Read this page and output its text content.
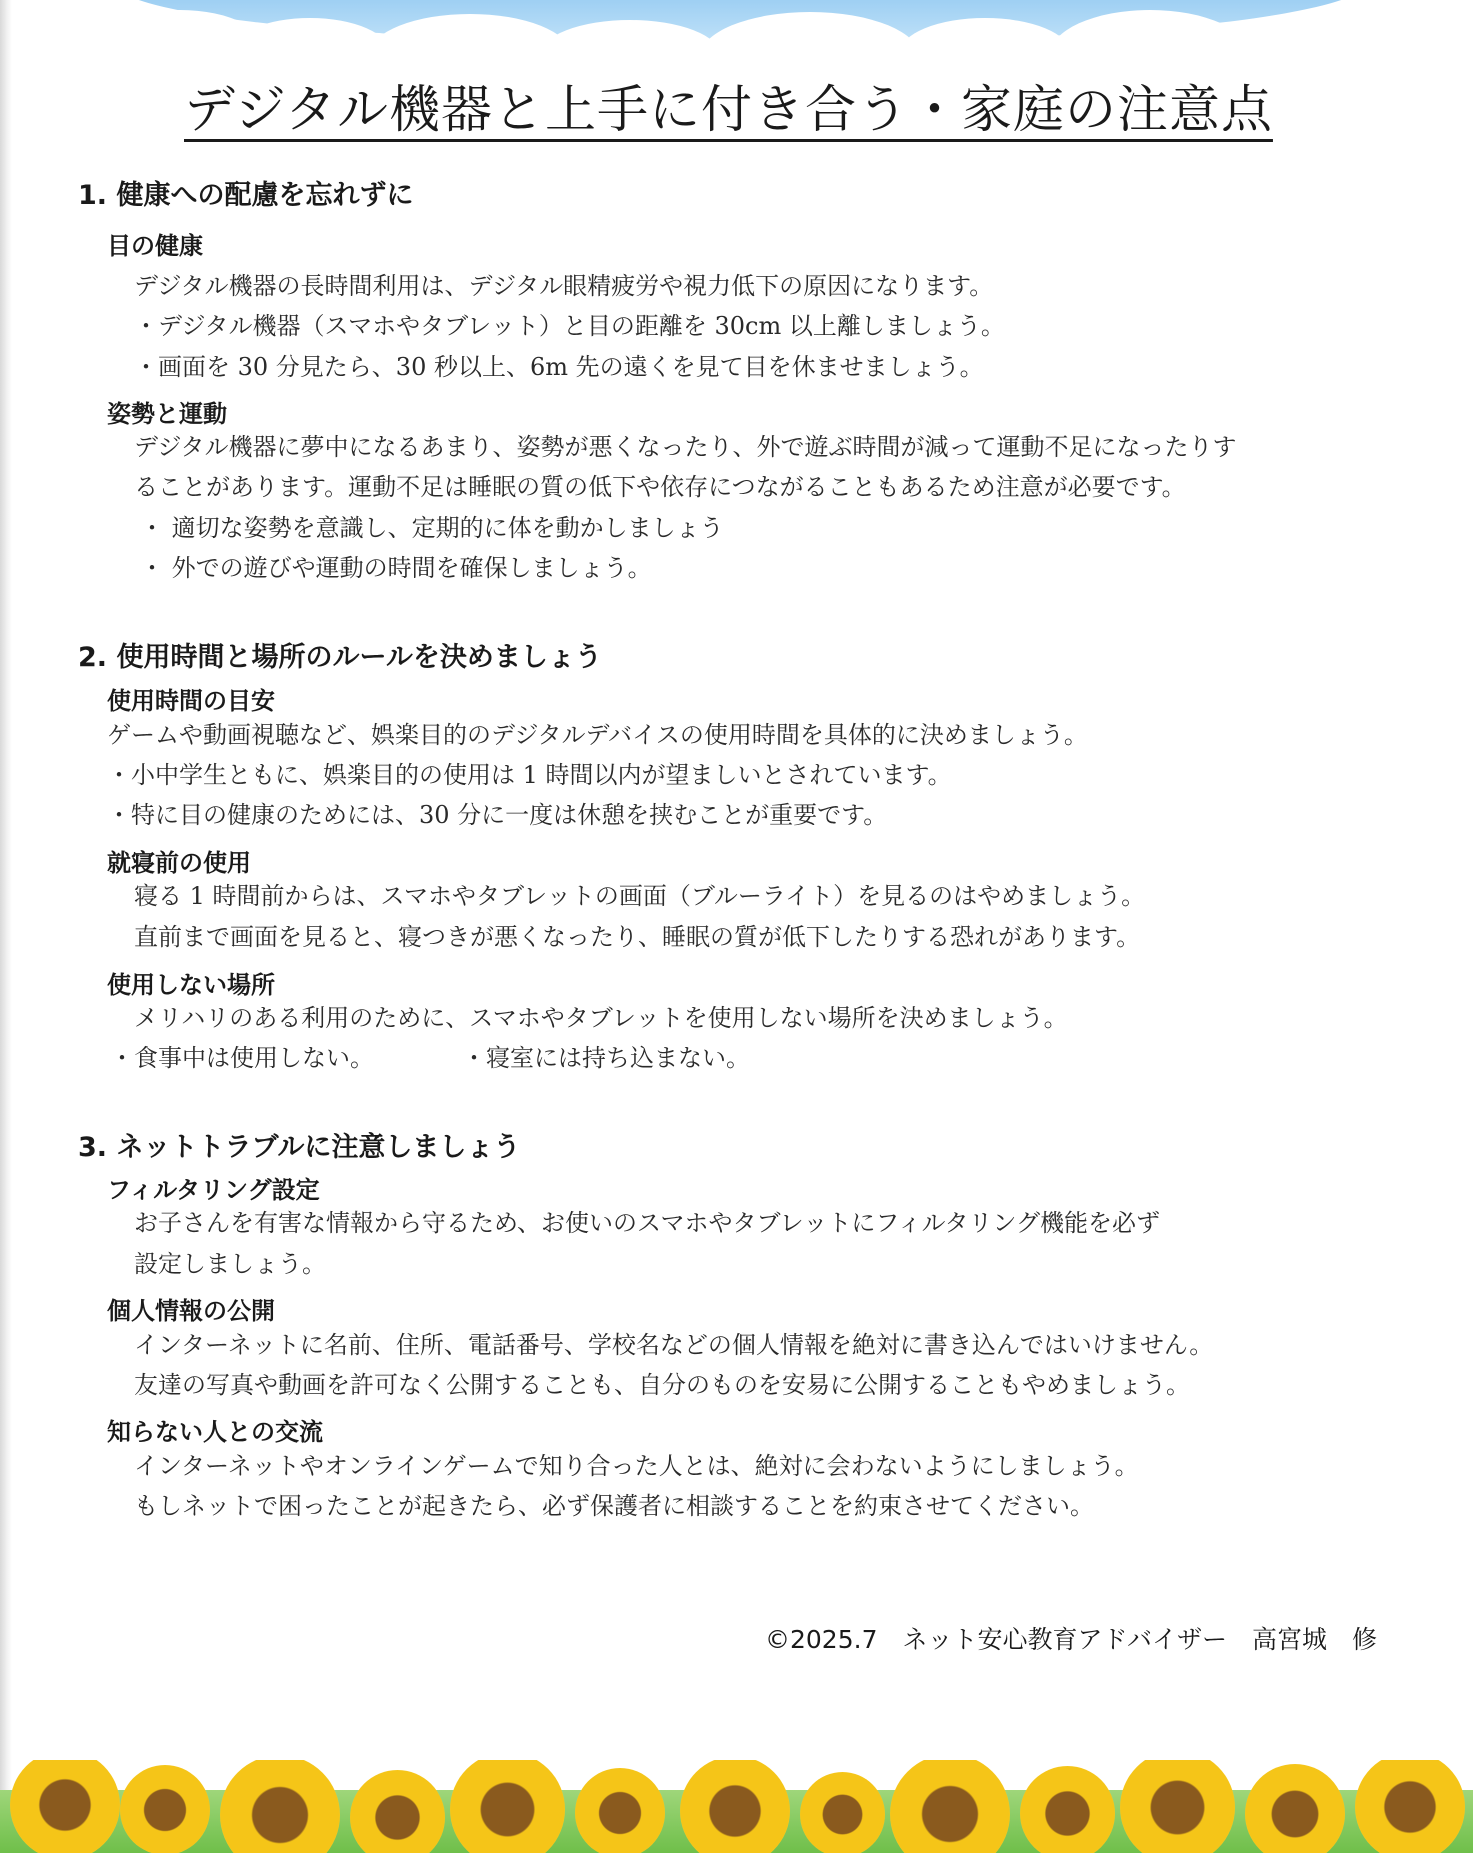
デジタル機器と上手に付き合う・家庭の注意点
1. 健康への配慮を忘れずに
目の健康
デジタル機器の長時間利用は、デジタル眼精疲労や視力低下の原因になります。
・デジタル機器（スマホやタブレット）と目の距離を 30cm 以上離しましょう。
・画面を 30 分見たら、30 秒以上、6m 先の遠くを見て目を休ませましょう。
姿勢と運動
デジタル機器に夢中になるあまり、姿勢が悪くなったり、外で遊ぶ時間が減って運動不足になったりす
ることがあります。運動不足は睡眠の質の低下や依存につながることもあるため注意が必要です。
・ 適切な姿勢を意識し、定期的に体を動かしましょう
・ 外での遊びや運動の時間を確保しましょう。
2. 使用時間と場所のルールを決めましょう
使用時間の目安
ゲームや動画視聴など、娯楽目的のデジタルデバイスの使用時間を具体的に決めましょう。
・小中学生ともに、娯楽目的の使用は 1 時間以内が望ましいとされています。
・特に目の健康のためには、30 分に一度は休憩を挟むことが重要です。
就寝前の使用
寝る 1 時間前からは、スマホやタブレットの画面（ブルーライト）を見るのはやめましょう。
直前まで画面を見ると、寝つきが悪くなったり、睡眠の質が低下したりする恐れがあります。
使用しない場所
メリハリのある利用のために、スマホやタブレットを使用しない場所を決めましょう。
・食事中は使用しない。	・寝室には持ち込まない。
3. ネットトラブルに注意しましょう
フィルタリング設定
お子さんを有害な情報から守るため、お使いのスマホやタブレットにフィルタリング機能を必ず
設定しましょう。
個人情報の公開
インターネットに名前、住所、電話番号、学校名などの個人情報を絶対に書き込んではいけません。
友達の写真や動画を許可なく公開することも、自分のものを安易に公開することもやめましょう。
知らない人との交流
インターネットやオンラインゲームで知り合った人とは、絶対に会わないようにしましょう。
もしネットで困ったことが起きたら、必ず保護者に相談することを約束させてください。
©2025.7　ネット安心教育アドバイザー　高宮城　修
